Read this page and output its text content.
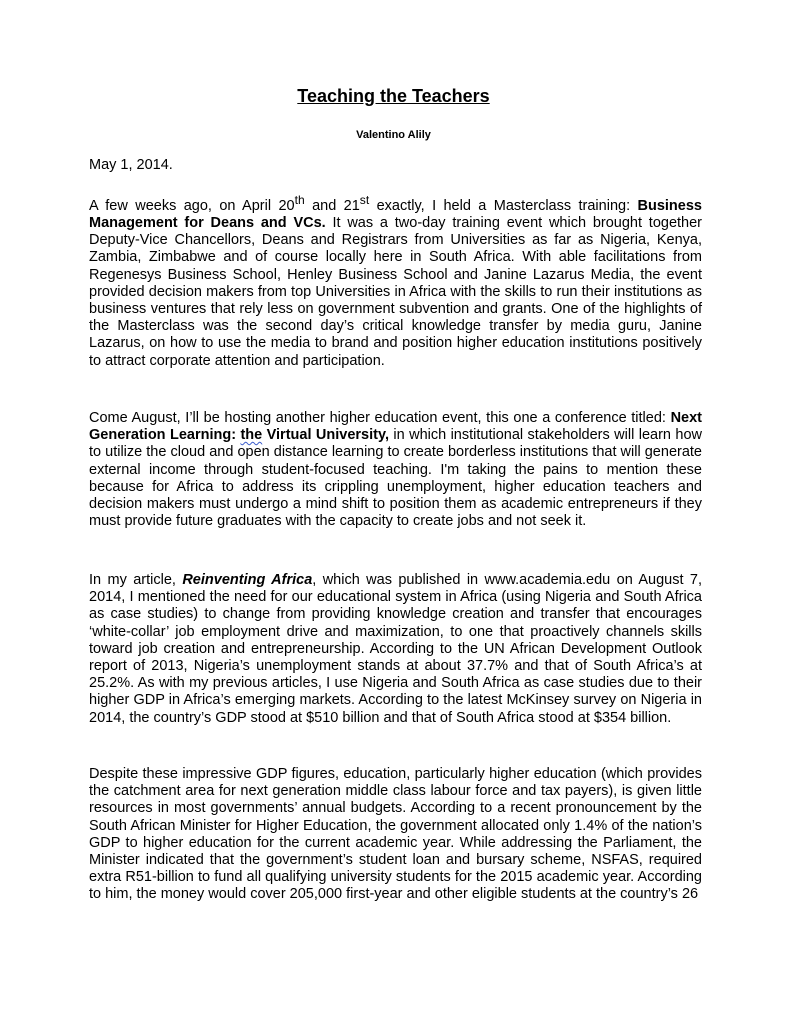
Teaching the Teachers

Valentino Alily

May 1, 2014.

A few weeks ago, on April 20th and 21st exactly, I held a Masterclass training: Business Management for Deans and VCs. It was a two-day training event which brought together Deputy-Vice Chancellors, Deans and Registrars from Universities as far as Nigeria, Kenya, Zambia, Zimbabwe and of course locally here in South Africa. With able facilitations from Regenesys Business School, Henley Business School and Janine Lazarus Media, the event provided decision makers from top Universities in Africa with the skills to run their institutions as business ventures that rely less on government subvention and grants. One of the highlights of the Masterclass was the second day’s critical knowledge transfer by media guru, Janine Lazarus, on how to use the media to brand and position higher education institutions positively to attract corporate attention and participation.

Come August, I’ll be hosting another higher education event, this one a conference titled: Next Generation Learning: the Virtual University, in which institutional stakeholders will learn how to utilize the cloud and open distance learning to create borderless institutions that will generate external income through student-focused teaching. I'm taking the pains to mention these because for Africa to address its crippling unemployment, higher education teachers and decision makers must undergo a mind shift to position them as academic entrepreneurs if they must provide future graduates with the capacity to create jobs and not seek it.

In my article, Reinventing Africa, which was published in www.academia.edu on August 7, 2014, I mentioned the need for our educational system in Africa (using Nigeria and South Africa as case studies) to change from providing knowledge creation and transfer that encourages ‘white-collar’ job employment drive and maximization, to one that proactively channels skills toward job creation and entrepreneurship. According to the UN African Development Outlook report of 2013, Nigeria’s unemployment stands at about 37.7% and that of South Africa’s at 25.2%. As with my previous articles, I use Nigeria and South Africa as case studies due to their higher GDP in Africa’s emerging markets. According to the latest McKinsey survey on Nigeria in 2014, the country’s GDP stood at $510 billion and that of South Africa stood at $354 billion.

Despite these impressive GDP figures, education, particularly higher education (which provides the catchment area for next generation middle class labour force and tax payers), is given little resources in most governments’ annual budgets. According to a recent pronouncement by the South African Minister for Higher Education, the government allocated only 1.4% of the nation’s GDP to higher education for the current academic year. While addressing the Parliament, the Minister indicated that the government’s student loan and bursary scheme, NSFAS, required extra R51-billion to fund all qualifying university students for the 2015 academic year. According to him, the money would cover 205,000 first-year and other eligible students at the country’s 26
